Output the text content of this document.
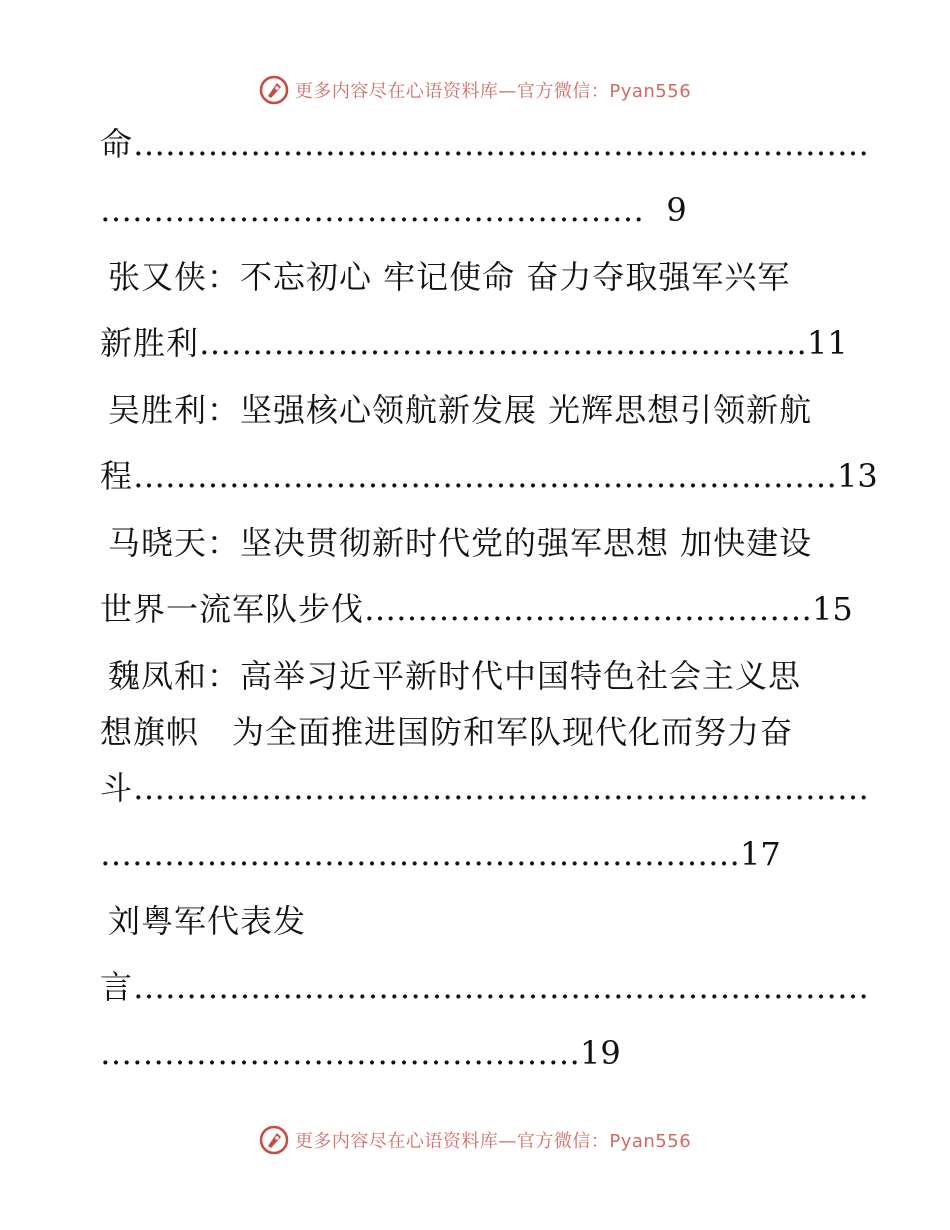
更多内容尽在心语资料库—官方微信：Pyan556
命……………………………………………………………
…………………………………………… 9
张又侠：不忘初心 牢记使命 奋力夺取强军兴军
新胜利…………………………………………………11
吴胜利：坚强核心领航新发展 光辉思想引领新航
程…………………………………………………………13
马晓天：坚决贯彻新时代党的强军思想 加快建设
世界一流军队步伐……………………………………15
魏凤和：高举习近平新时代中国特色社会主义思
想旗帜　为全面推进国防和军队现代化而努力奋
斗……………………………………………………………
……………………………………………………17
刘粤军代表发
言……………………………………………………………
………………………………………19
更多内容尽在心语资料库—官方微信：Pyan556
